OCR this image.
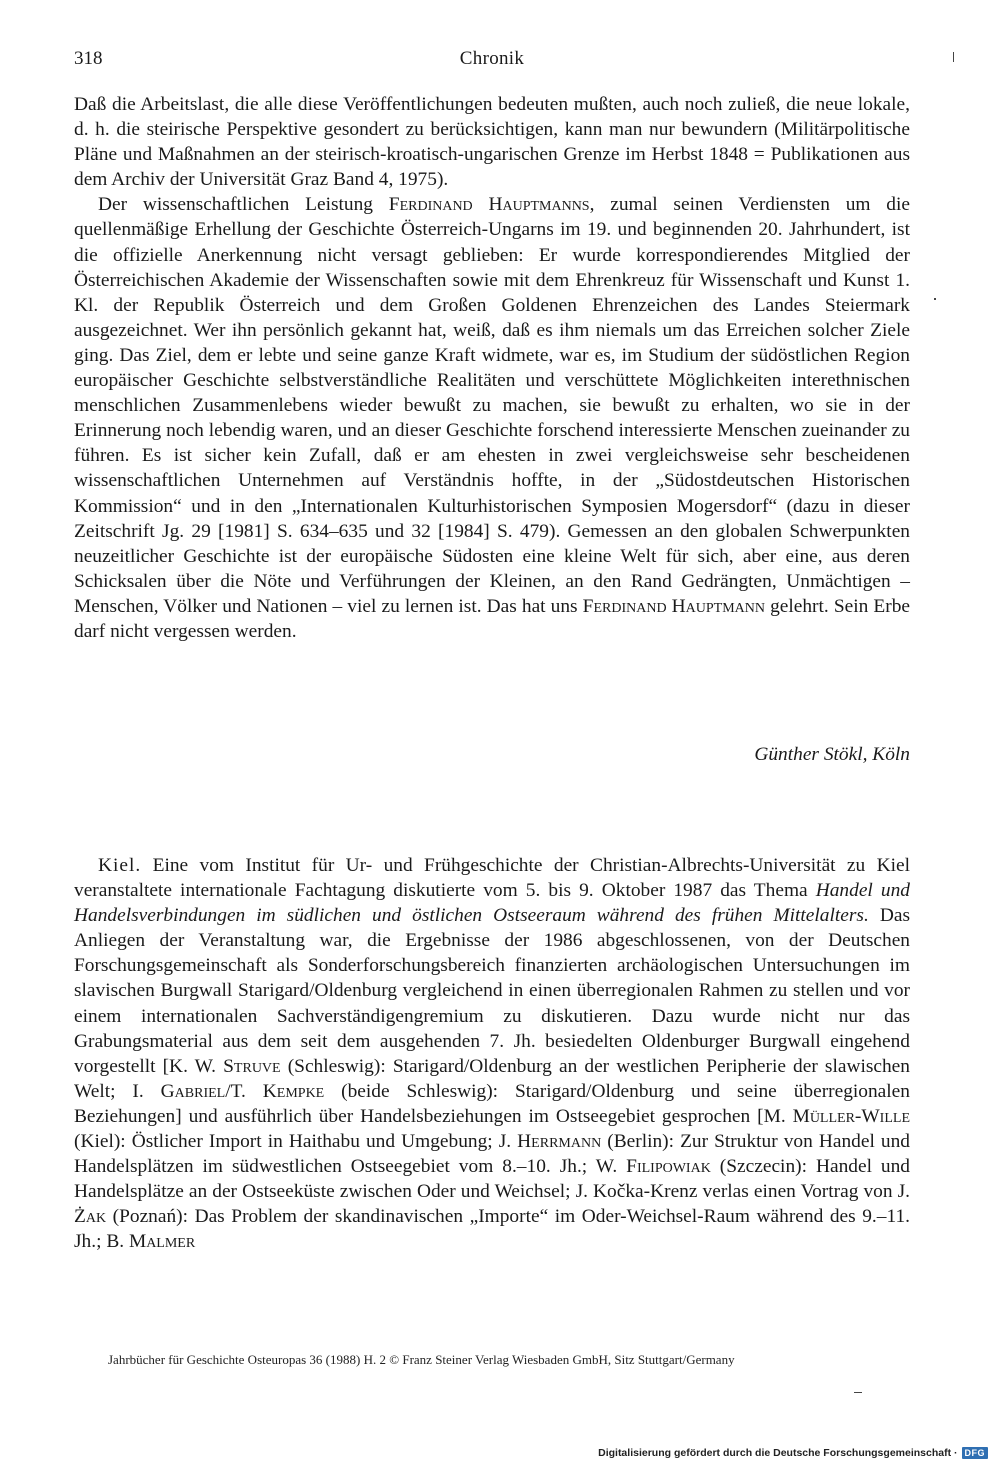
318	Chronik

Daß die Arbeitslast, die alle diese Veröffentlichungen bedeuten mußten, auch noch zuließ, die neue lokale, d. h. die steirische Perspektive gesondert zu berücksichtigen, kann man nur bewundern (Militärpolitische Pläne und Maßnahmen an der steirisch-kroatisch-ungarischen Grenze im Herbst 1848 = Publikationen aus dem Archiv der Universität Graz Band 4, 1975).

Der wissenschaftlichen Leistung Ferdinand Hauptmanns, zumal seinen Verdiensten um die quellenmäßige Erhellung der Geschichte Österreich-Ungarns im 19. und beginnenden 20. Jahrhundert, ist die offizielle Anerkennung nicht versagt geblieben: Er wurde korrespondierendes Mitglied der Österreichischen Akademie der Wissenschaften sowie mit dem Ehrenkreuz für Wissenschaft und Kunst 1. Kl. der Republik Österreich und dem Großen Goldenen Ehrenzeichen des Landes Steiermark ausgezeichnet. Wer ihn persönlich gekannt hat, weiß, daß es ihm niemals um das Erreichen solcher Ziele ging. Das Ziel, dem er lebte und seine ganze Kraft widmete, war es, im Studium der südöstlichen Region europäischer Geschichte selbstverständliche Realitäten und verschüttete Möglichkeiten interethnischen menschlichen Zusammenlebens wieder bewußt zu machen, sie bewußt zu erhalten, wo sie in der Erinnerung noch lebendig waren, und an dieser Geschichte forschend interessierte Menschen zueinander zu führen. Es ist sicher kein Zufall, daß er am ehesten in zwei vergleichsweise sehr bescheidenen wissenschaftlichen Unternehmen auf Verständnis hoffte, in der „Südostdeutschen Historischen Kommission“ und in den „Internationalen Kulturhistorischen Symposien Mogersdorf“ (dazu in dieser Zeitschrift Jg. 29 [1981] S. 634–635 und 32 [1984] S. 479). Gemessen an den globalen Schwerpunkten neuzeitlicher Geschichte ist der europäische Südosten eine kleine Welt für sich, aber eine, aus deren Schicksalen über die Nöte und Verführungen der Kleinen, an den Rand Gedrängten, Unmächtigen – Menschen, Völker und Nationen – viel zu lernen ist. Das hat uns Ferdinand Hauptmann gelehrt. Sein Erbe darf nicht vergessen werden.

Günther Stökl, Köln

Kiel. Eine vom Institut für Ur- und Frühgeschichte der Christian-Albrechts-Universität zu Kiel veranstaltete internationale Fachtagung diskutierte vom 5. bis 9. Oktober 1987 das Thema Handel und Handelsverbindungen im südlichen und östlichen Ostseeraum während des frühen Mittelalters. Das Anliegen der Veranstaltung war, die Ergebnisse der 1986 abgeschlossenen, von der Deutschen Forschungsgemeinschaft als Sonderforschungsbereich finanzierten archäologischen Untersuchungen im slavischen Burgwall Starigard/Oldenburg vergleichend in einen überregionalen Rahmen zu stellen und vor einem internationalen Sachverständigengremium zu diskutieren. Dazu wurde nicht nur das Grabungsmaterial aus dem seit dem ausgehenden 7. Jh. besiedelten Oldenburger Burgwall eingehend vorgestellt [K. W. Struve (Schleswig): Starigard/Oldenburg an der westlichen Peripherie der slawischen Welt; I. Gabriel/T. Kempke (beide Schleswig): Starigard/Oldenburg und seine überregionalen Beziehungen] und ausführlich über Handelsbeziehungen im Ostseegebiet gesprochen [M. Müller-Wille (Kiel): Östlicher Import in Haithabu und Umgebung; J. Herrmann (Berlin): Zur Struktur von Handel und Handelsplätzen im südwestlichen Ostseegebiet vom 8.–10. Jh.; W. Filipowiak (Szczecin): Handel und Handelsplätze an der Ostseeküste zwischen Oder und Weichsel; J. Kočka-Krenz verlas einen Vortrag von J. Żak (Poznań): Das Problem der skandinavischen „Importe“ im Oder-Weichsel-Raum während des 9.–11. Jh.; B. Malmer

Jahrbücher für Geschichte Osteuropas 36 (1988) H. 2 © Franz Steiner Verlag Wiesbaden GmbH, Sitz Stuttgart/Germany
Digitalisierung gefördert durch die Deutsche Forschungsgemeinschaft · DFG
